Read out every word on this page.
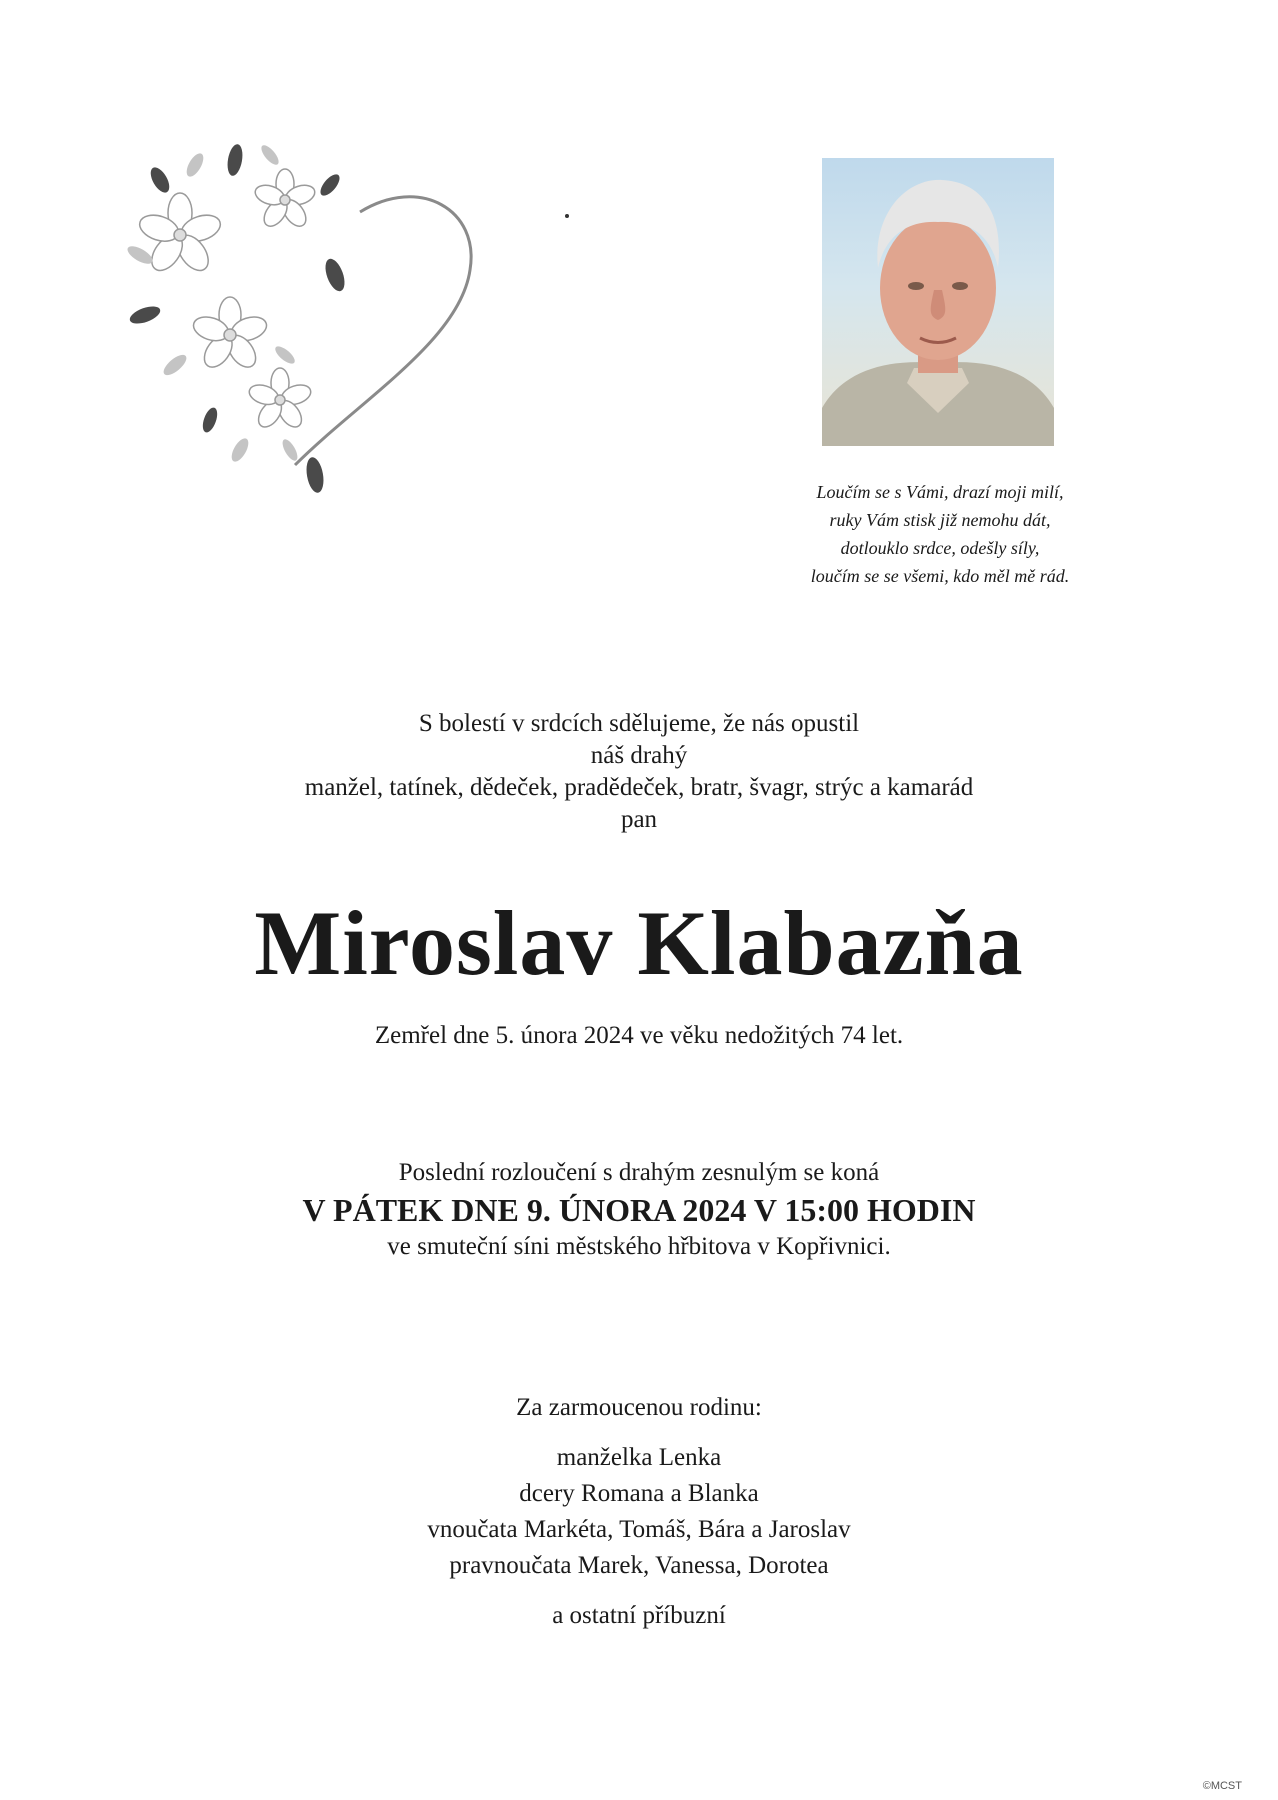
Loučím se s Vámi, drazí moji milí,
ruky Vám stisk již nemohu dát,
dotlouklo srdce, odešly síly,
loučím se se všemi, kdo měl mě rád.
S bolestí v srdcích sdělujeme, že nás opustil
náš drahý
manžel, tatínek, dědeček, pradědeček, bratr, švagr, strýc a kamarád
pan
Miroslav Klabazňa
Zemřel dne 5. února 2024 ve věku nedožitých 74 let.
Poslední rozloučení s drahým zesnulým se koná
V PÁTEK DNE 9. ÚNORA 2024 V 15:00 HODIN
ve smuteční síni městského hřbitova v Kopřivnici.
Za zarmoucenou rodinu:
manželka Lenka
dcery Romana a Blanka
vnoučata Markéta, Tomáš, Bára a Jaroslav
pravnoučata Marek, Vanessa, Dorotea
a ostatní příbuzní
©MCST
